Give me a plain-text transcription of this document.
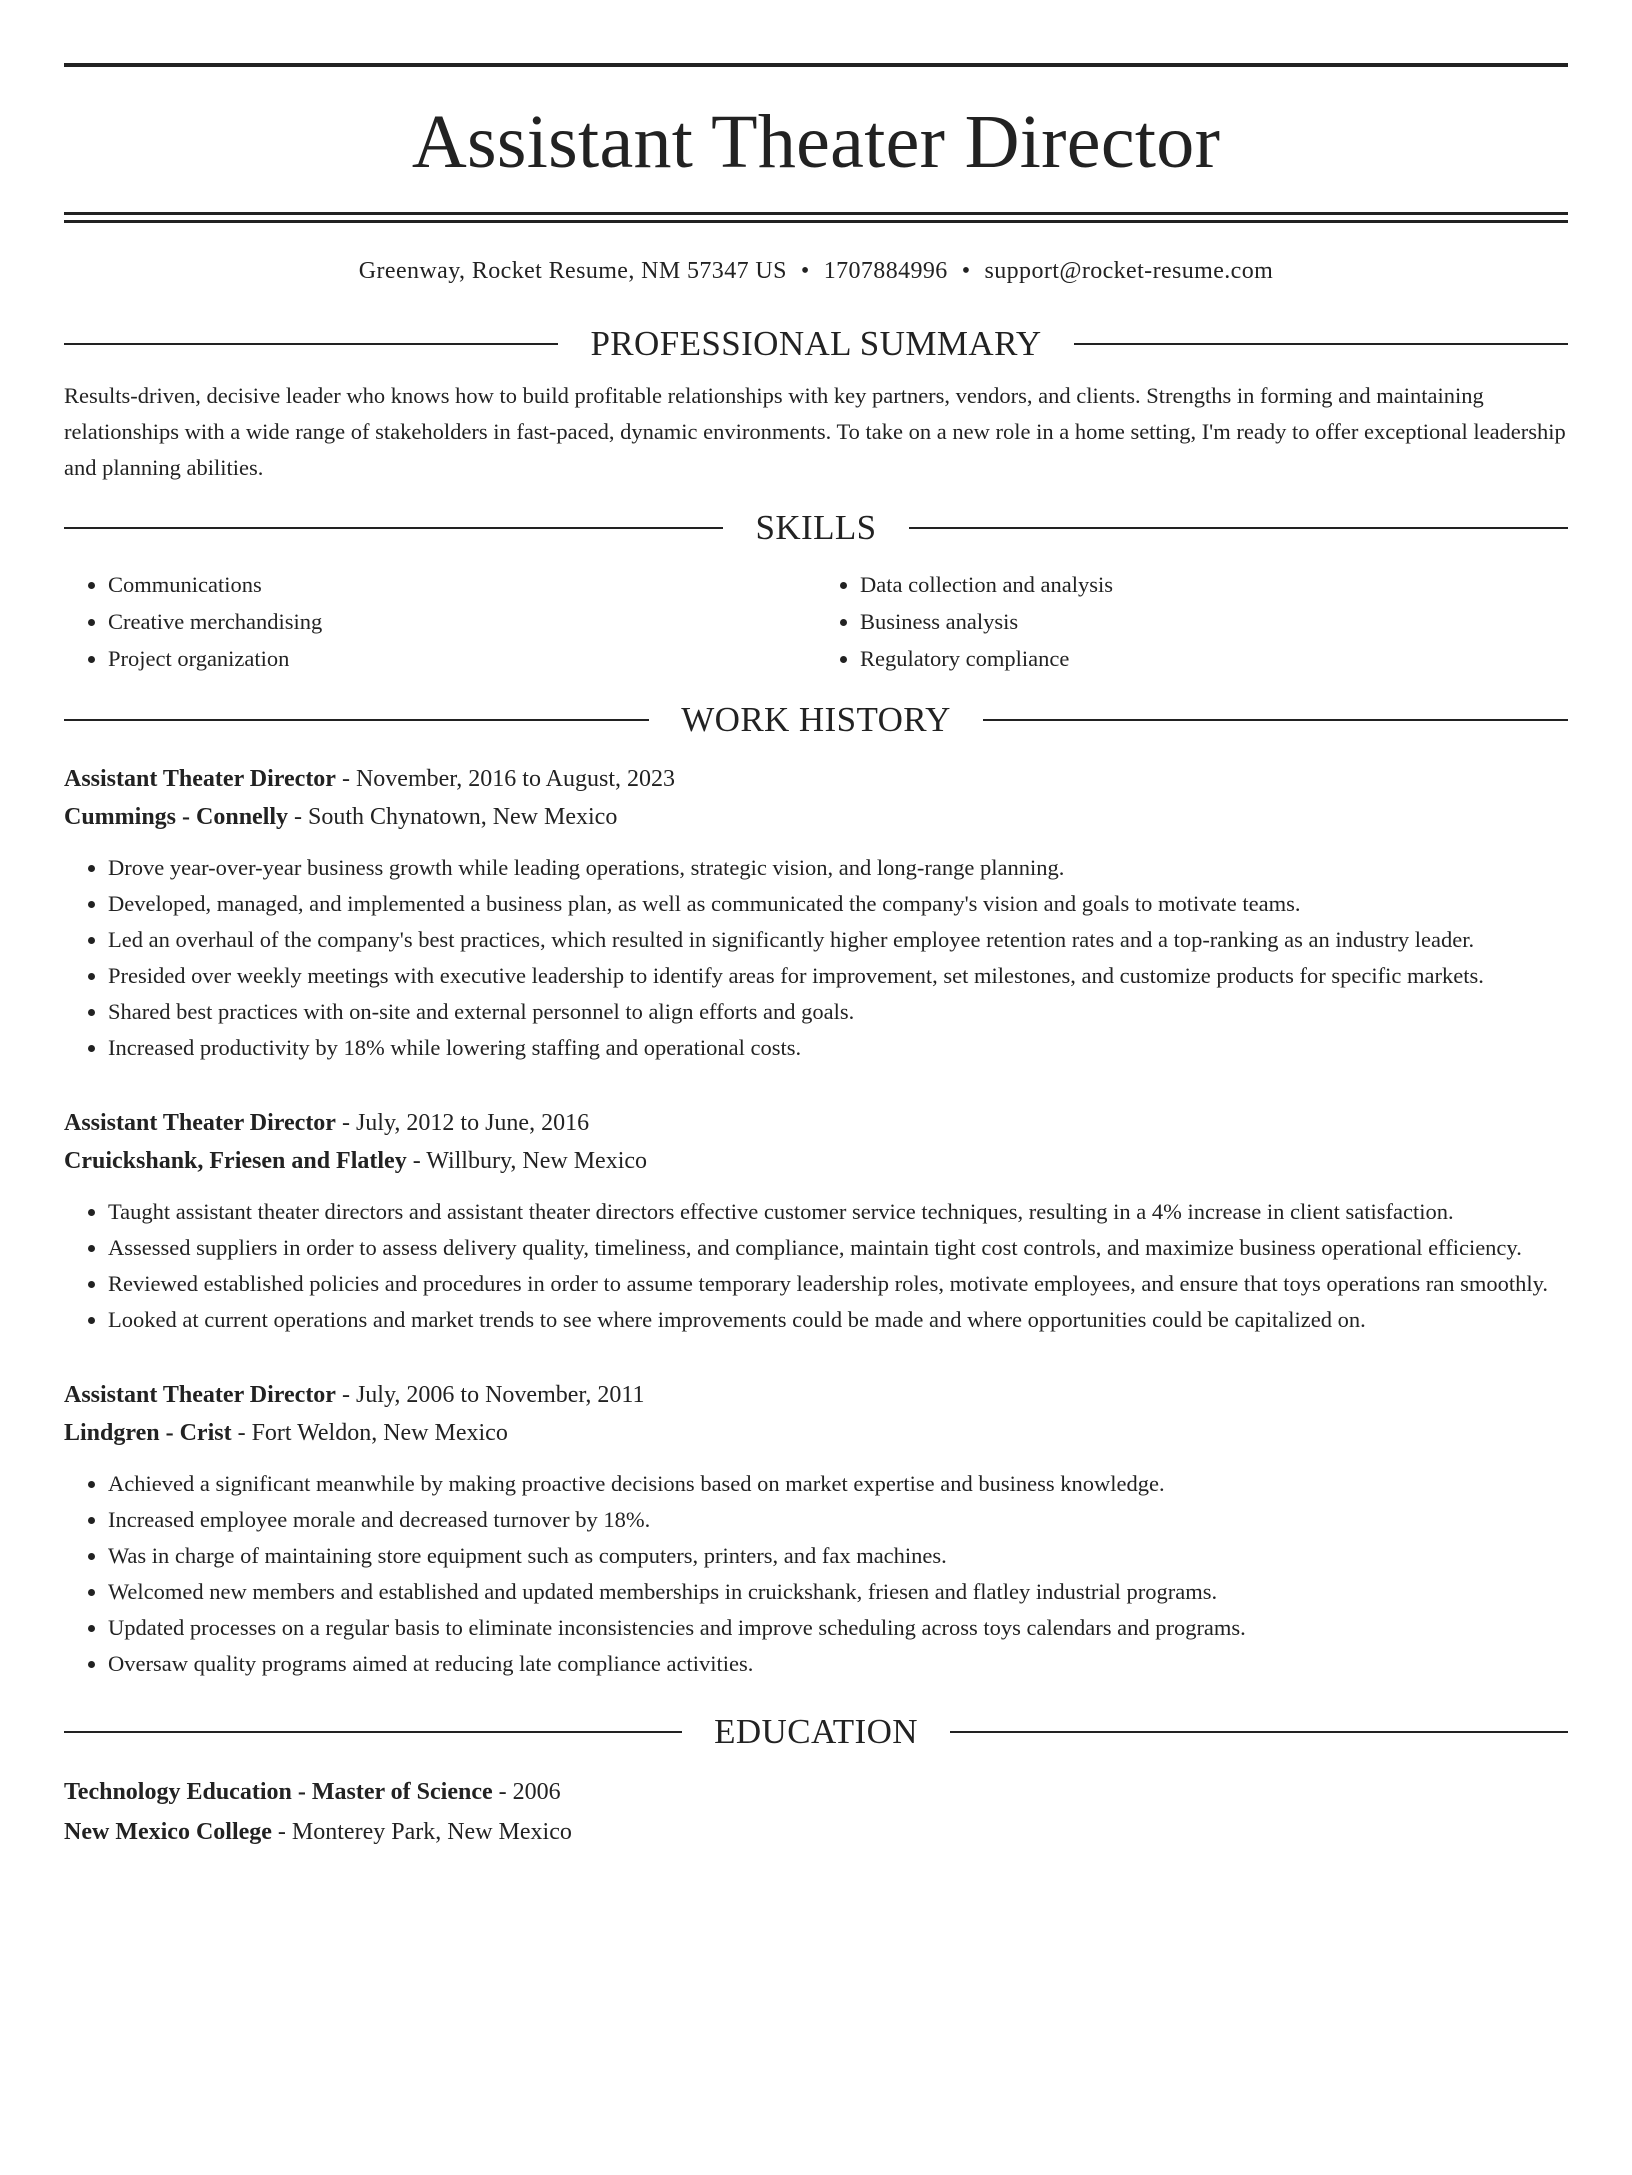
Assistant Theater Director
Greenway, Rocket Resume, NM 57347 US • 1707884996 • support@rocket-resume.com
PROFESSIONAL SUMMARY

Results-driven, decisive leader who knows how to build profitable relationships with key partners, vendors, and clients. Strengths in forming and maintaining relationships with a wide range of stakeholders in fast-paced, dynamic environments. To take on a new role in a home setting, I'm ready to offer exceptional leadership and planning abilities.

SKILLS
• Communications
• Creative merchandising
• Project organization
• Data collection and analysis
• Business analysis
• Regulatory compliance
WORK HISTORY
Assistant Theater Director - November, 2016 to August, 2023
Cummings - Connelly - South Chynatown, New Mexico
• Drove year-over-year business growth while leading operations, strategic vision, and long-range planning.
• Developed, managed, and implemented a business plan, as well as communicated the company's vision and goals to motivate teams.
• Led an overhaul of the company's best practices, which resulted in significantly higher employee retention rates and a top-ranking as an industry leader.
• Presided over weekly meetings with executive leadership to identify areas for improvement, set milestones, and customize products for specific markets.
• Shared best practices with on-site and external personnel to align efforts and goals.
• Increased productivity by 18% while lowering staffing and operational costs.
Assistant Theater Director - July, 2012 to June, 2016
Cruickshank, Friesen and Flatley - Willbury, New Mexico
• Taught assistant theater directors and assistant theater directors effective customer service techniques, resulting in a 4% increase in client satisfaction.
• Assessed suppliers in order to assess delivery quality, timeliness, and compliance, maintain tight cost controls, and maximize business operational efficiency.
• Reviewed established policies and procedures in order to assume temporary leadership roles, motivate employees, and ensure that toys operations ran smoothly.
• Looked at current operations and market trends to see where improvements could be made and where opportunities could be capitalized on.
Assistant Theater Director - July, 2006 to November, 2011
Lindgren - Crist - Fort Weldon, New Mexico
• Achieved a significant meanwhile by making proactive decisions based on market expertise and business knowledge.
• Increased employee morale and decreased turnover by 18%.
• Was in charge of maintaining store equipment such as computers, printers, and fax machines.
• Welcomed new members and established and updated memberships in cruickshank, friesen and flatley industrial programs.
• Updated processes on a regular basis to eliminate inconsistencies and improve scheduling across toys calendars and programs.
• Oversaw quality programs aimed at reducing late compliance activities.
EDUCATION
Technology Education - Master of Science - 2006
New Mexico College - Monterey Park, New Mexico
